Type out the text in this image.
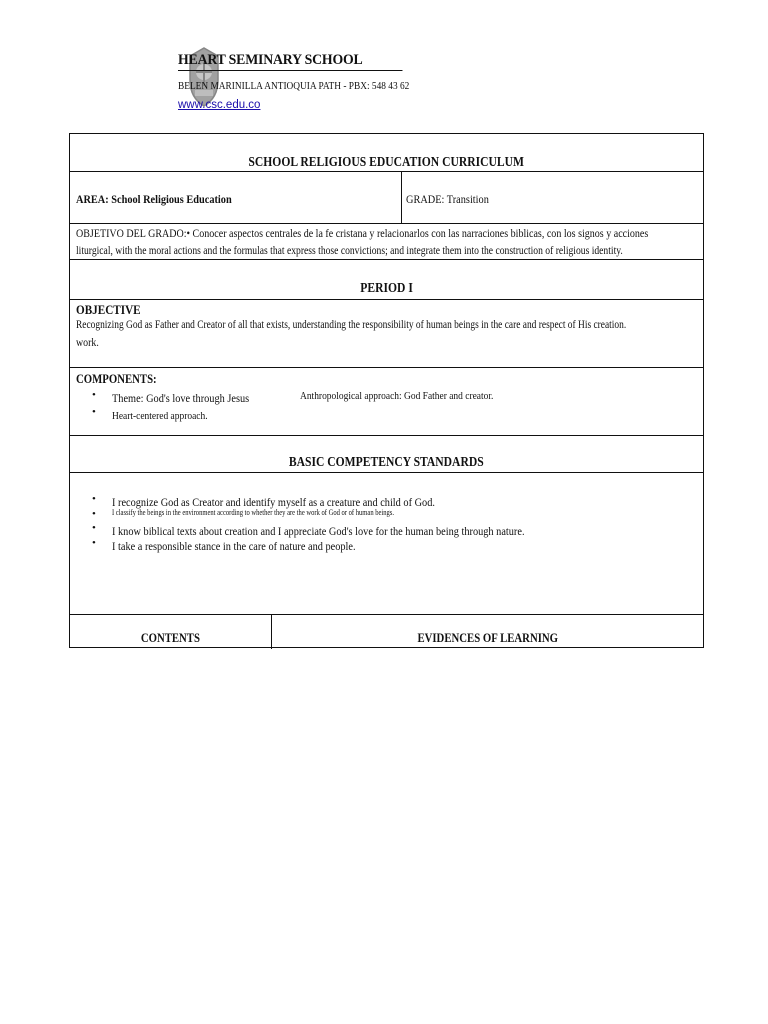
HEART SEMINARY SCHOOL
BELEN MARINILLA ANTIOQUIA PATH - PBX: 548 43 62
www.csc.edu.co
SCHOOL RELIGIOUS EDUCATION CURRICULUM
AREA: School Religious Education	GRADE: Transition
OBJETIVO DEL GRADO:• Conocer aspectos centrales de la fe cristana y relacionarlos con las narraciones biblicas, con los signos y acciones
liturgical, with the moral actions and the formulas that express those convictions; and integrate them into the construction of religious identity.
PERIOD I
OBJECTIVE
Recognizing God as Father and Creator of all that exists, understanding the responsibility of human beings in the care and respect of His creation.
work.
COMPONENTS:
• Theme: God's love through Jesus
• Heart-centered approach.
Anthropological approach: God Father and creator.
BASIC COMPETENCY STANDARDS
• I recognize God as Creator and identify myself as a creature and child of God.
• I classify the beings in the environment according to whether they are the work of God or of human beings.
• I know biblical texts about creation and I appreciate God's love for the human being through nature.
• I take a responsible stance in the care of nature and people.
CONTENTS	EVIDENCES OF LEARNING
